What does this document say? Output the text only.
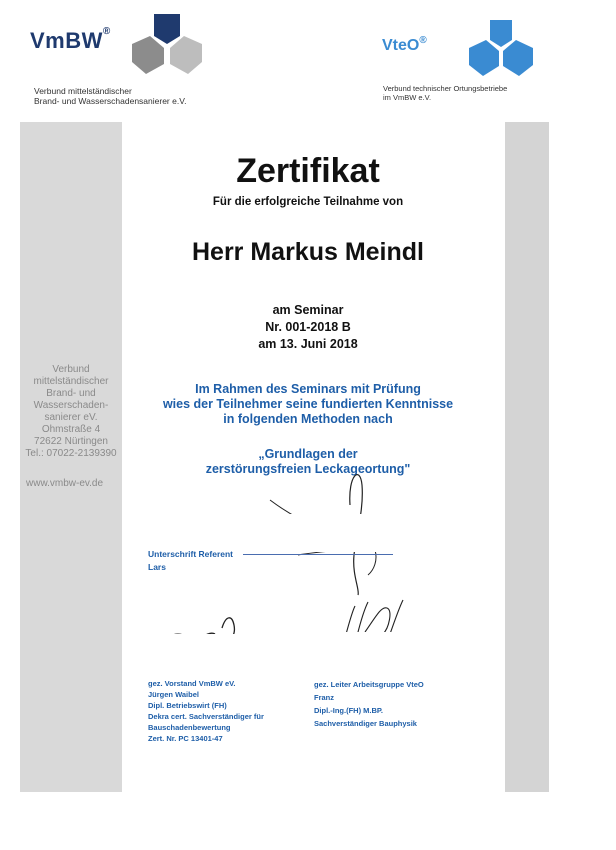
VmBW®
Verbund mittelständischer
Brand- und Wasserschadensanierer e.V.
VteO®
Verbund technischer Ortungsbetriebe
im VmBW e.V.
Verbund
mittelständischer
Brand- und
Wasserschaden-
sanierer eV.
Ohmstraße 4
72622 Nürtingen
Tel.: 07022-2139390
www.vmbw-ev.de
Zertifikat
Für die erfolgreiche Teilnahme von
Herr Markus Meindl
am Seminar
Nr. 001-2018 B
am 13. Juni 2018
Im Rahmen des Seminars mit Prüfung
wies der Teilnehmer seine fundierten Kenntnisse
in folgenden Methoden nach
„Grundlagen der
zerstörungsfreien Leckageortung"
Unterschrift Referent
Lars
gez. Vorstand VmBW eV.
Jürgen Waibel
Dipl. Betriebswirt (FH)
Dekra cert. Sachverständiger für
Bauschadenbewertung
Zert. Nr. PC 13401-47
gez. Leiter Arbeitsgruppe VteO
Franz
Dipl.-Ing.(FH) M.BP.
Sachverständiger Bauphysik
